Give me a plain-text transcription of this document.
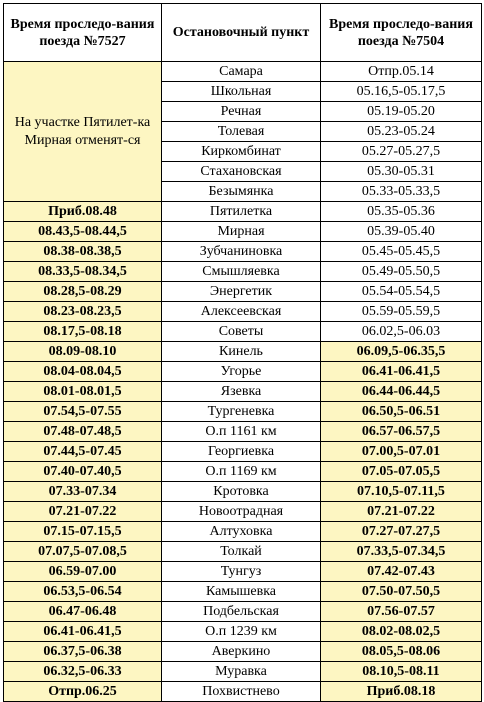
Время проследо-вания поезда №7527	Остановочный пункт	Время проследо-вания поезда №7504
На участке Пятилет-ка Мирная отменят-ся	Самара	Отпр.05.14
	Школьная	05.16,5-05.17,5
	Речная	05.19-05.20
	Толевая	05.23-05.24
	Киркомбинат	05.27-05.27,5
	Стахановская	05.30-05.31
	Безымянка	05.33-05.33,5
Приб.08.48	Пятилетка	05.35-05.36
08.43,5-08.44,5	Мирная	05.39-05.40
08.38-08.38,5	Зубчаниновка	05.45-05.45,5
08.33,5-08.34,5	Смышляевка	05.49-05.50,5
08.28,5-08.29	Энергетик	05.54-05.54,5
08.23-08.23,5	Алексеевская	05.59-05.59,5
08.17,5-08.18	Советы	06.02,5-06.03
08.09-08.10	Кинель	06.09,5-06.35,5
08.04-08.04,5	Угорье	06.41-06.41,5
08.01-08.01,5	Язевка	06.44-06.44,5
07.54,5-07.55	Тургеневка	06.50,5-06.51
07.48-07.48,5	О.п 1161 км	06.57-06.57,5
07.44,5-07.45	Георгиевка	07.00,5-07.01
07.40-07.40,5	О.п 1169 км	07.05-07.05,5
07.33-07.34	Кротовка	07.10,5-07.11,5
07.21-07.22	Новоотрадная	07.21-07.22
07.15-07.15,5	Алтуховка	07.27-07.27,5
07.07,5-07.08,5	Толкай	07.33,5-07.34,5
06.59-07.00	Тунгуз	07.42-07.43
06.53,5-06.54	Камышевка	07.50-07.50,5
06.47-06.48	Подбельская	07.56-07.57
06.41-06.41,5	О.п 1239 км	08.02-08.02,5
06.37,5-06.38	Аверкино	08.05,5-08.06
06.32,5-06.33	Муравка	08.10,5-08.11
Отпр.06.25	Похвистнево	Приб.08.18
